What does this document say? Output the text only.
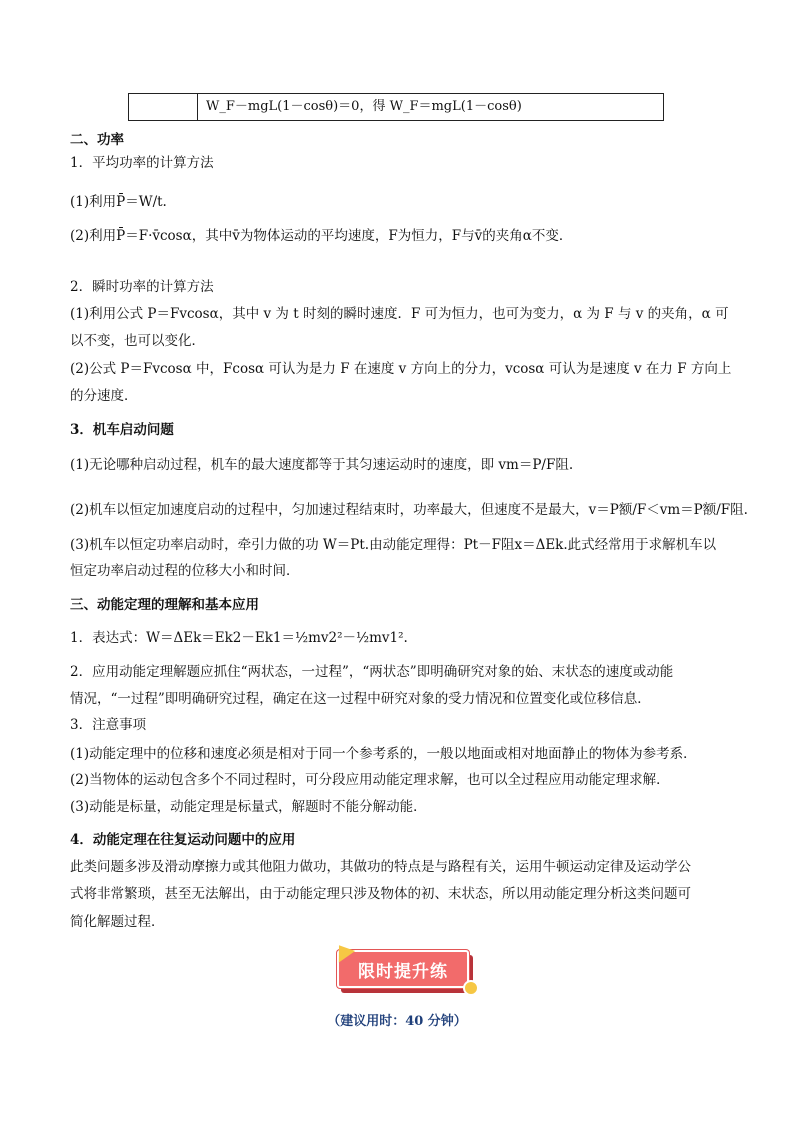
W_F－mgL(1－cosθ)＝0，得 W_F＝mgL(1－cosθ)
二、功率
1．平均功率的计算方法
(1)利用P̄＝W/t.
(2)利用P̄＝F·v̄cosα，其中v̄为物体运动的平均速度，F为恒力，F与v̄的夹角α不变．
2．瞬时功率的计算方法
(1)利用公式 P＝Fvcosα，其中 v 为 t 时刻的瞬时速度．F 可为恒力，也可为变力，α 为 F 与 v 的夹角，α 可
以不变，也可以变化．
(2)公式 P＝Fvcosα 中，Fcosα 可认为是力 F 在速度 v 方向上的分力，vcosα 可认为是速度 v 在力 F 方向上
的分速度．
3．机车启动问题
(1)无论哪种启动过程，机车的最大速度都等于其匀速运动时的速度，即 vm＝P/F阻.
(2)机车以恒定加速度启动的过程中，匀加速过程结束时，功率最大，但速度不是最大，v＝P额/F＜vm＝P额/F阻.
(3)机车以恒定功率启动时，牵引力做的功 W＝Pt.由动能定理得：Pt－F阻x＝ΔEk.此式经常用于求解机车以
恒定功率启动过程的位移大小和时间．
三、动能定理的理解和基本应用
1．表达式：W＝ΔEk＝Ek2－Ek1＝½mv2²－½mv1².
2．应用动能定理解题应抓住“两状态，一过程”，“两状态”即明确研究对象的始、末状态的速度或动能
情况，“一过程”即明确研究过程，确定在这一过程中研究对象的受力情况和位置变化或位移信息．
3．注意事项
(1)动能定理中的位移和速度必须是相对于同一个参考系的，一般以地面或相对地面静止的物体为参考系．
(2)当物体的运动包含多个不同过程时，可分段应用动能定理求解，也可以全过程应用动能定理求解．
(3)动能是标量，动能定理是标量式，解题时不能分解动能．
4．动能定理在往复运动问题中的应用
此类问题多涉及滑动摩擦力或其他阻力做功，其做功的特点是与路程有关，运用牛顿运动定律及运动学公
式将非常繁琐，甚至无法解出，由于动能定理只涉及物体的初、末状态，所以用动能定理分析这类问题可
简化解题过程．
限时提升练
（建议用时：40 分钟）
